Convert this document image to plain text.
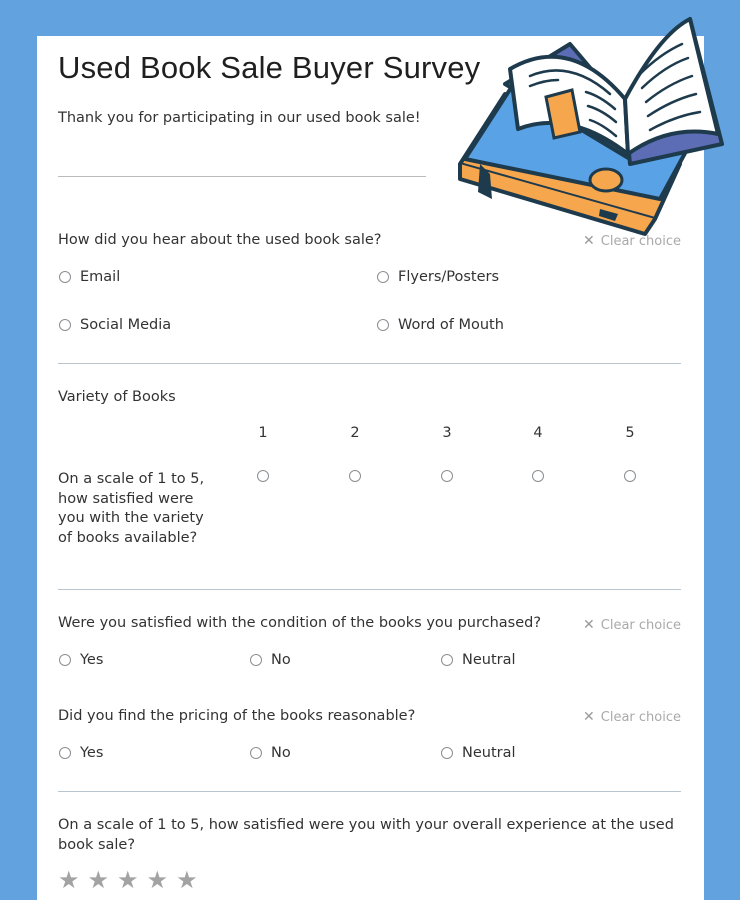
Used Book Sale Buyer Survey
Thank you for participating in our used book sale!
How did you hear about the used book sale?	✕ Clear choice
Email	Flyers/Posters
Social Media	Word of Mouth
Variety of Books
1	2	3	4	5
On a scale of 1 to 5, how satisfied were you with the variety of books available?
Were you satisfied with the condition of the books you purchased?	✕ Clear choice
Yes	No	Neutral
Did you find the pricing of the books reasonable?	✕ Clear choice
Yes	No	Neutral
On a scale of 1 to 5, how satisfied were you with your overall experience at the used book sale?
★ ★ ★ ★ ★
